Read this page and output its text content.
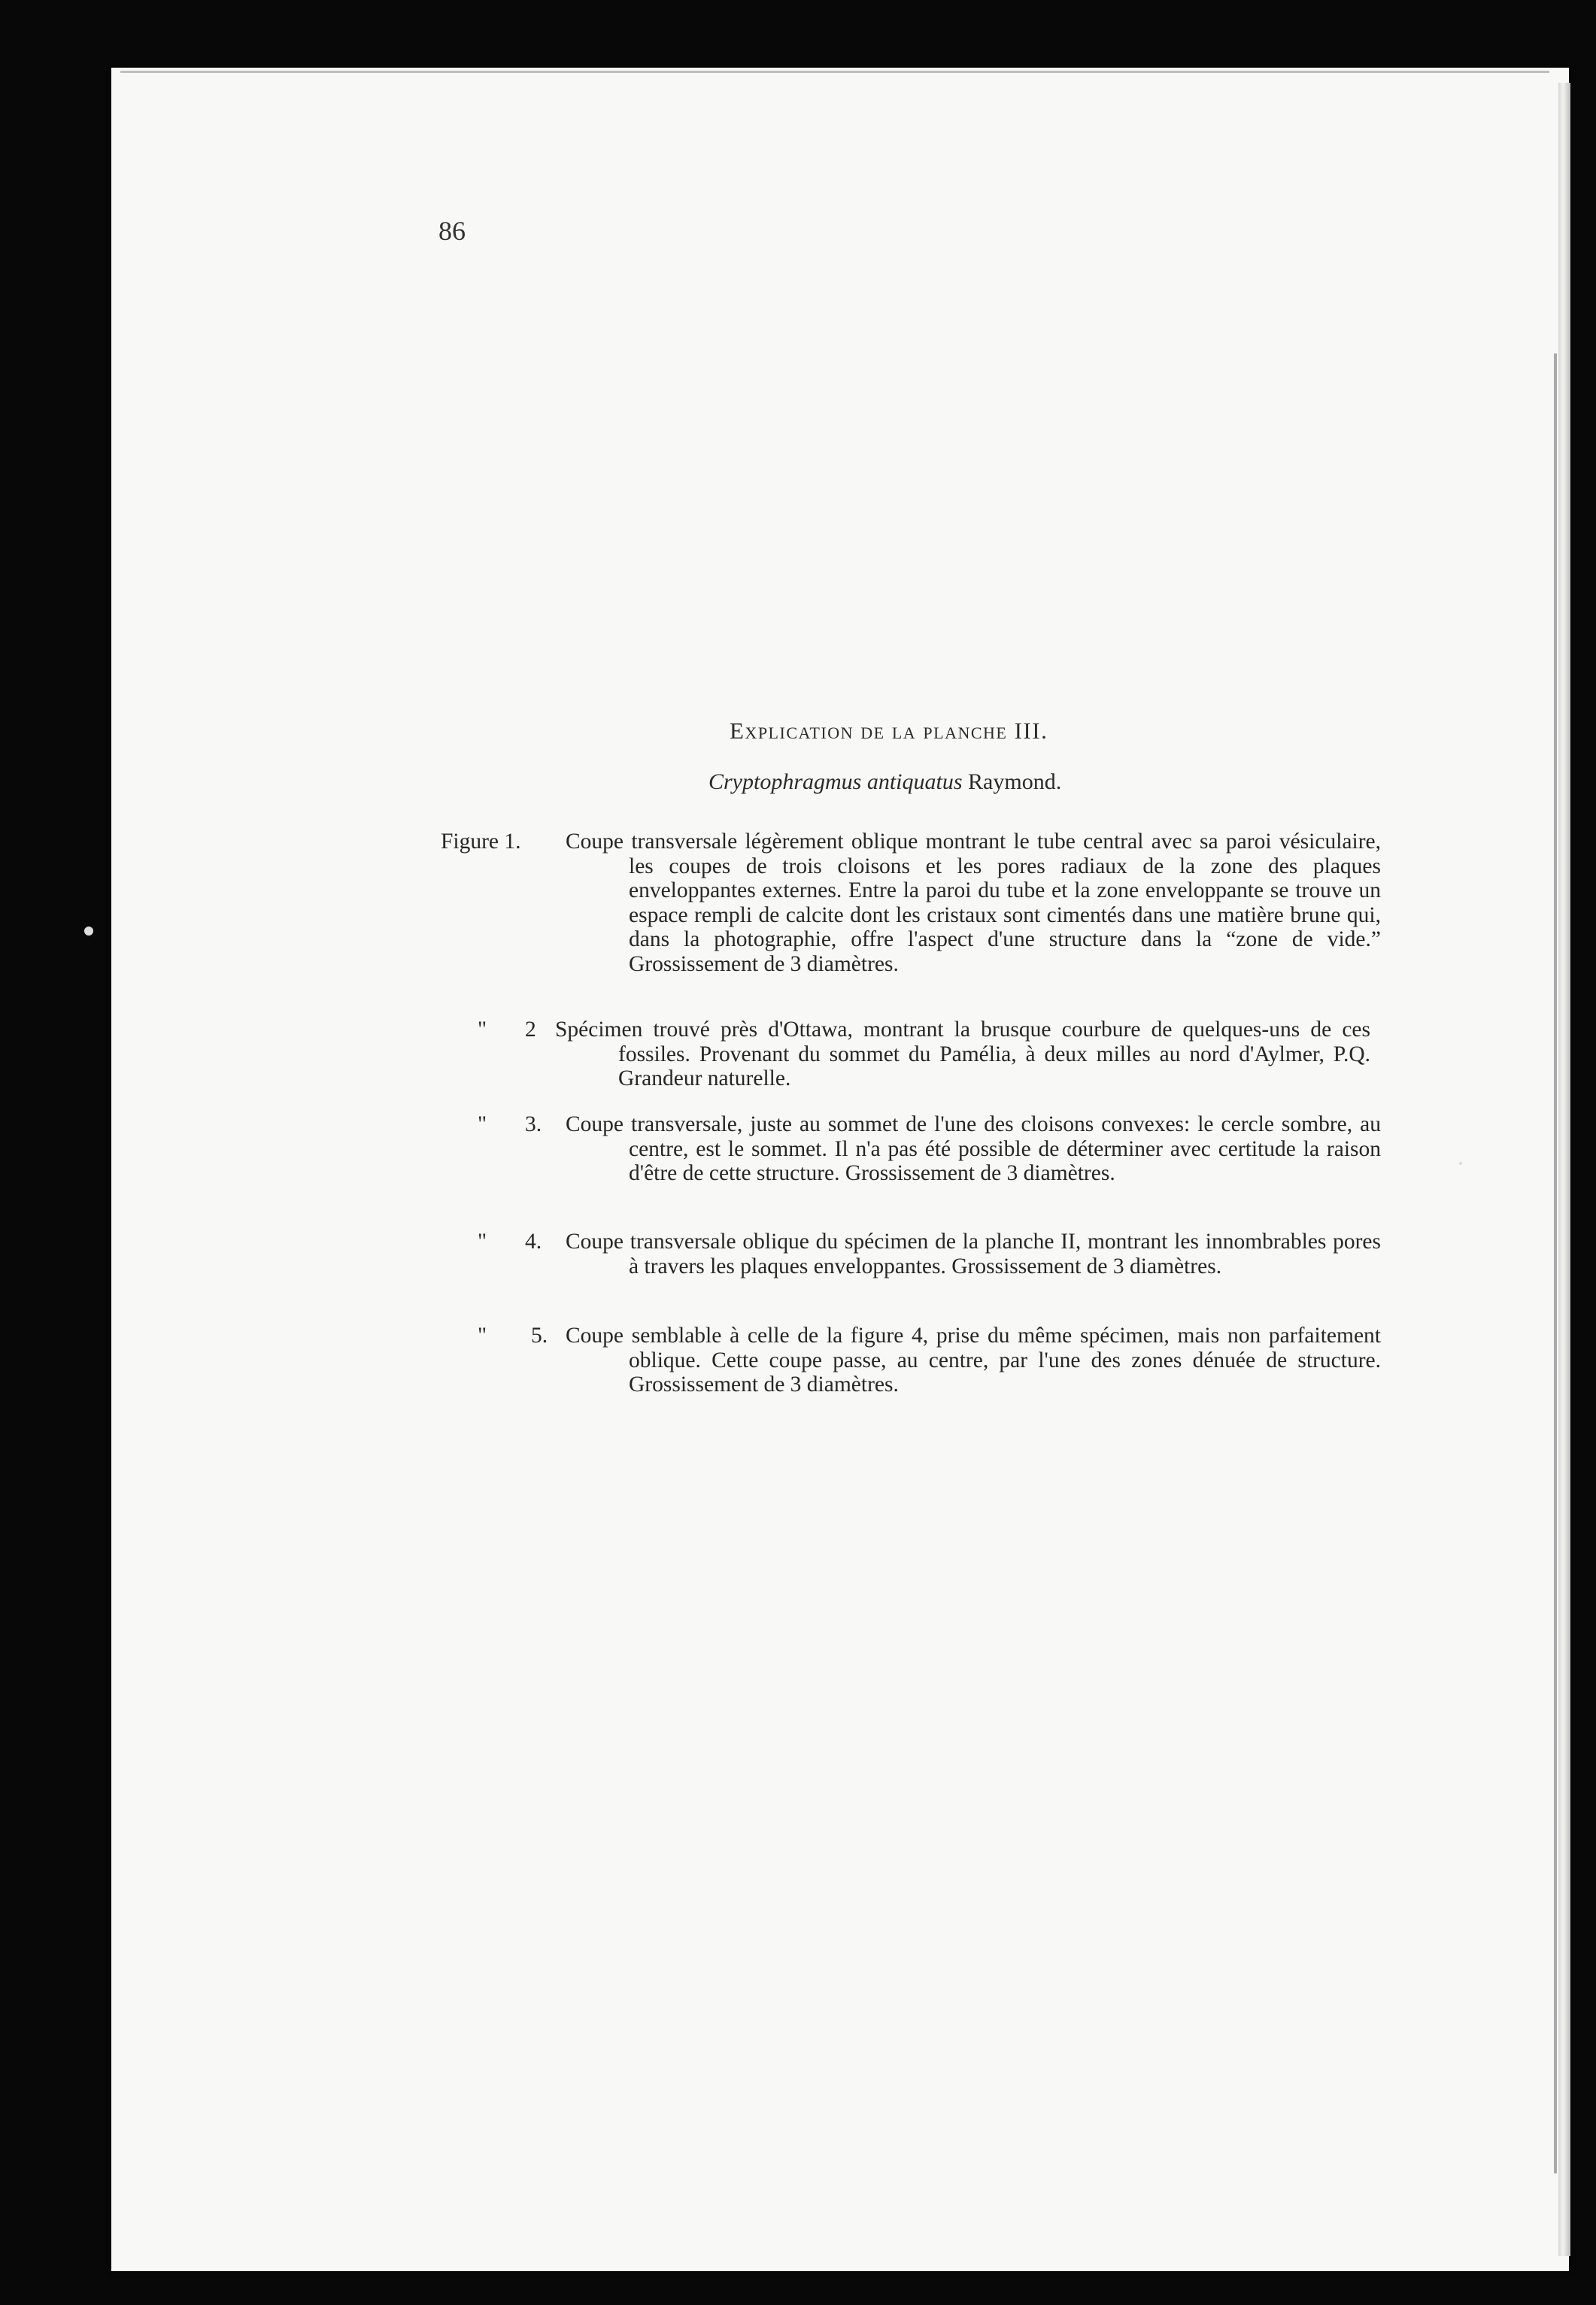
86
Explication de la planche III.
Cryptophragmus antiquatus Raymond.
Figure 1. Coupe transversale légèrement oblique montrant le tube central avec sa paroi vésiculaire, les coupes de trois cloisons et les pores radiaux de la zone des plaques enveloppantes externes. Entre la paroi du tube et la zone enveloppante se trouve un espace rempli de calcite dont les cristaux sont cimentés dans une matière brune qui, dans la photographie, offre l'aspect d'une structure dans la “zone de vide.” Grossissement de 3 diamètres.
" 2 Spécimen trouvé près d'Ottawa, montrant la brusque courbure de quelques-uns de ces fossiles. Provenant du sommet du Pamélia, à deux milles au nord d'Aylmer, P.Q. Grandeur naturelle.
" 3. Coupe transversale, juste au sommet de l'une des cloisons convexes: le cercle sombre, au centre, est le sommet. Il n'a pas été possible de déterminer avec certitude la raison d'être de cette structure. Grossissement de 3 diamètres.
" 4. Coupe transversale oblique du spécimen de la planche II, montrant les innombrables pores à travers les plaques enveloppantes. Grossissement de 3 diamètres.
" 5. Coupe semblable à celle de la figure 4, prise du même spécimen, mais non parfaitement oblique. Cette coupe passe, au centre, par l'une des zones dénuée de structure. Grossissement de 3 diamètres.
